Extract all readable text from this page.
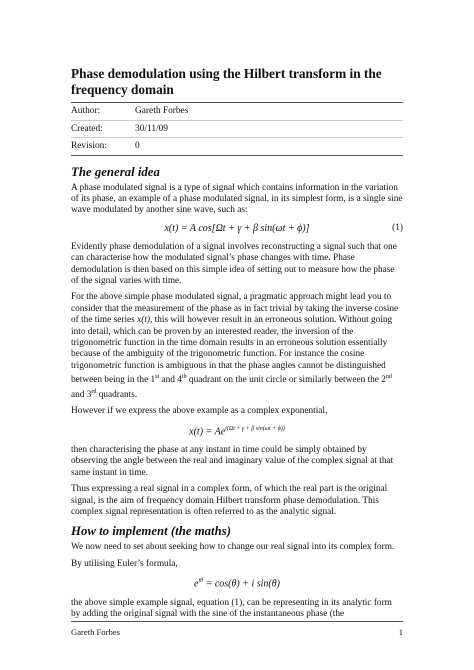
Phase demodulation using the Hilbert transform in the frequency domain
Author:	Gareth Forbes
Created:	30/11/09
Revision:	0
The general idea

A phase modulated signal is a type of signal which contains information in the variation of its phase, an example of a phase modulated signal, in its simplest form, is a single sine wave modulated by another sine wave, such as:

x(t) = A cos[Ωt + γ + β sin(ωt + ϕ)]	(1)

Evidently phase demodulation of a signal involves reconstructing a signal such that one can characterise how the modulated signal’s phase changes with time. Phase demodulation is then based on this simple idea of setting out to measure how the phase of the signal varies with time.

For the above simple phase modulated signal, a pragmatic approach might lead you to consider that the measurement of the phase as in fact trivial by taking the inverse cosine of the time series x(t), this will however result in an erroneous solution. Without going into detail, which can be proven by an interested reader, the inversion of the trigonometric function in the time domain results in an erroneous solution essentially because of the ambiguity of the trigonometric function. For instance the cosine trigonometric function is ambiguous in that the phase angles cannot be distinguished between being in the 1st and 4th quadrant on the unit circle or similarly between the 2nd and 3rd quadrants.

However if we express the above example as a complex exponential,

$x(t) = Ae^{i(\Omega t + \gamma + \beta sin(\omega t + \phi))}$

then characterising the phase at any instant in time could be simply obtained by observing the angle between the real and imaginary value of the complex signal at that same instant in time.

Thus expressing a real signal in a complex form, of which the real part is the original signal, is the aim of frequency domain Hilbert transform phase demodulation. This complex signal representation is often referred to as the analytic signal.

How to implement (the maths)

We now need to set about seeking how to change our real signal into its complex form.

By utilising Euler’s formula,

$e^{i\theta} = \cos(\theta) + i$ sin(θ)

the above simple example signal, equation (1), can be representing in its analytic form by adding the original signal with the sine of the instantaneous phase (the

Gareth Forbes	1
